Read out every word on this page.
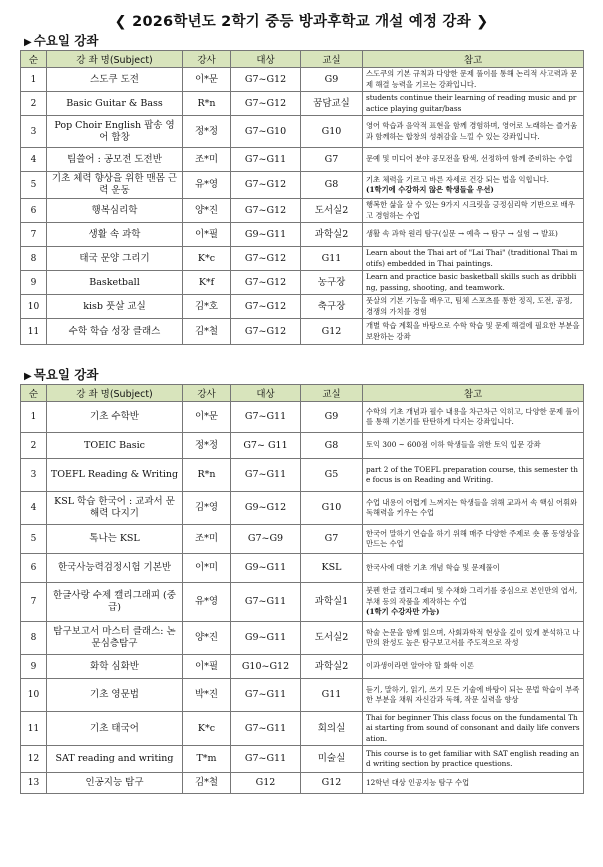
❮ 2026학년도 2학기 중등 방과후학교 개설 예정 강좌 ❯
▶ 수요일 강좌
순	강 좌 명(Subject)	강사	대상	교실	참고
1	스도쿠 도전	이*문	G7~G12	G9	스도쿠의 기본 규칙과 다양한 문제 풀이를 통해 논리적 사고력과 문제 해결 능력을 기르는 강좌입니다.
2	Basic Guitar & Bass	R*n	G7~G12	꿈담교실	students continue their learning of reading music and practice playing guitar/bass
3	Pop Choir English 팝송 영어 합창	정*정	G7~G10	G10	영어 학습과 음악적 표현을 함께 경험하며, 영어로 노래하는 즐거움과 함께하는 합창의 성취감을 느낄 수 있는 강좌입니다.
4	팀쓸어 : 공모전 도전반	조*미	G7~G11	G7	문예 및 미디어 분야 공모전을 탐색, 선정하여 함께 준비하는 수업
5	기초 체력 향상을 위한 맨몸 근력 운동	유*영	G7~G12	G8	기초 체력을 기르고 바른 자세로 건강 되는 법을 익힙니다.
(1학기에 수강하지 않은 학생들을 우선)
6	행복심리학	양*진	G7~G12	도서실2	행복한 삶을 살 수 있는 9가지 시크릿을 긍정심리학 기반으로 배우고 경험하는 수업
7	생활 속 과학	이*필	G9~G11	과학실2	생활 속 과학 원리 탐구(실문 → 예측 → 탐구 → 실험 → 발표)
8	태국 문양 그리기	K*c	G7~G12	G11	Learn about the Thai art of "Lai Thai" (traditional Thai motifs) embedded in Thai paintings.
9	Basketball	K*f	G7~G12	농구장	Learn and practice basic basketball skills such as dribbling, passing, shooting, and teamwork.
10	kisb 풋살 교실	김*호	G7~G12	축구장	풋살의 기본 기능을 배우고, 팀체 스포츠를 통한 정직, 도전, 공정, 경쟁의 가치를 경험
11	수학 학습 성장 클래스	김*철	G7~G12	G12	개별 학습 계획을 바탕으로 수학 학습 및 문제 해결에 필요한 부분을 보완하는 강좌
▶ 목요일 강좌
순	강 좌 명(Subject)	강사	대상	교실	참고
1	기초 수학반	이*문	G7~G11	G9	수학의 기초 개념과 필수 내용을 차근차근 익히고, 다양한 문제 풀이를 통해 기본기를 탄탄하게 다지는 강좌입니다.
2	TOEIC Basic	정*정	G7~ G11	G8	토익 300 ~ 600점 이하 학생들을 위한 토익 입문 강좌
3	TOEFL Reading & Writing	R*n	G7~G11	G5	part 2 of the TOEFL preparation course, this semester the focus is on Reading and Writing.
4	KSL 학습 한국어 : 교과서 문해력 다지기	김*영	G9~G12	G10	수업 내용이 어렵게 느껴지는 학생들을 위해 교과서 속 핵심 어휘와 독해력을 키우는 수업
5	톡나는 KSL	조*미	G7~G9	G7	한국어 말하기 연습을 하기 위해 매주 다양한 주제로 숏 폼 동영상을 만드는 수업
6	한국사능력검정시험 기본반	이*미	G9~G11	KSL	한국사에 대한 기초 개념 학습 및 문제풀이
7	한글사랑 수제 캘리그래피 (중급)	유*영	G7~G11	과학실1	붓펜 한글 캘리그래피 및 수채화 그리기를 중심으로 본인만의 엽서, 부채 등의 작품을 제작하는 수업
(1학기 수강자만 가능)
8	탐구보고서 마스터 클래스: 논문심층탐구	양*진	G9~G11	도서실2	학술 논문을 함께 읽으며, 사회과학적 현상을 깊이 있게 분석하고 나만의 완성도 높은 탐구보고서를 주도적으로 작성
9	화학 심화반	이*필	G10~G12	과학실2	이과생이라면 알아야 할 화학 이론
10	기초 영문법	박*진	G7~G11	G11	듣기, 말하기, 읽기, 쓰기 모든 기술에 바탕이 되는 문법 학습이 부족한 부분을 채워 자신감과 독해, 작문 실력을 향상
11	기초 태국어	K*c	G7~G11	회의실	Thai for beginner This class focus on the fundamental Thai starting from sound of consonant and daily life conversation.
12	SAT reading and writing	T*m	G7~G11	미술실	This course is to get familiar with SAT english reading and writing section by practice questions.
13	인공지능 탐구	김*철	G12	G12	12학년 대상 인공지능 탐구 수업
